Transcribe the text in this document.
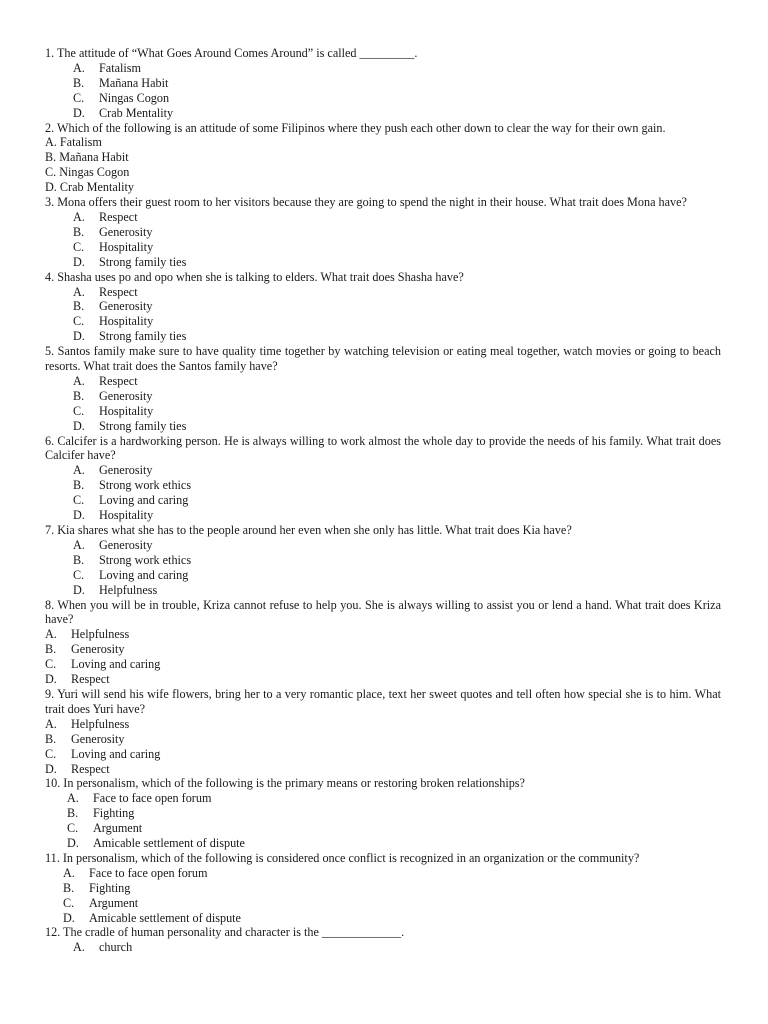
1. The attitude of “What Goes Around Comes Around” is called _________.

A. Fatalism
B. Mañana Habit
C. Ningas Cogon
D. Crab Mentality

2. Which of the following is an attitude of some Filipinos where they push each other down to clear the way for their own gain.

A. Fatalism
B. Mañana Habit
C. Ningas Cogon
D. Crab Mentality

3. Mona offers their guest room to her visitors because they are going to spend the night in their house. What trait does Mona have?

A. Respect
B. Generosity
C. Hospitality
D. Strong family ties

4. Shasha uses po and opo when she is talking to elders. What trait does Shasha have?

A. Respect
B. Generosity
C. Hospitality
D. Strong family ties

5. Santos family make sure to have quality time together by watching television or eating meal together, watch movies or going to beach resorts. What trait does the Santos family have?

A. Respect
B. Generosity
C. Hospitality
D. Strong family ties

6. Calcifer is a hardworking person. He is always willing to work almost the whole day to provide the needs of his family. What trait does Calcifer have?

A. Generosity
B. Strong work ethics
C. Loving and caring
D. Hospitality

7. Kia shares what she has to the people around her even when she only has little. What trait does Kia have?

A. Generosity
B. Strong work ethics
C. Loving and caring
D. Helpfulness

8. When you will be in trouble, Kriza cannot refuse to help you. She is always willing to assist you or lend a hand. What trait does Kriza have?

A. Helpfulness
B. Generosity
C. Loving and caring
D. Respect

9. Yuri will send his wife flowers, bring her to a very romantic place, text her sweet quotes and tell often how special she is to him. What trait does Yuri have?

A. Helpfulness
B. Generosity
C. Loving and caring
D. Respect

10. In personalism, which of the following is the primary means or restoring broken relationships?

A. Face to face open forum
B. Fighting
C. Argument
D. Amicable settlement of dispute

11. In personalism, which of the following is considered once conflict is recognized in an organization or the community?

A. Face to face open forum
B. Fighting
C. Argument
D. Amicable settlement of dispute

12. The cradle of human personality and character is the _____________.

A. church
